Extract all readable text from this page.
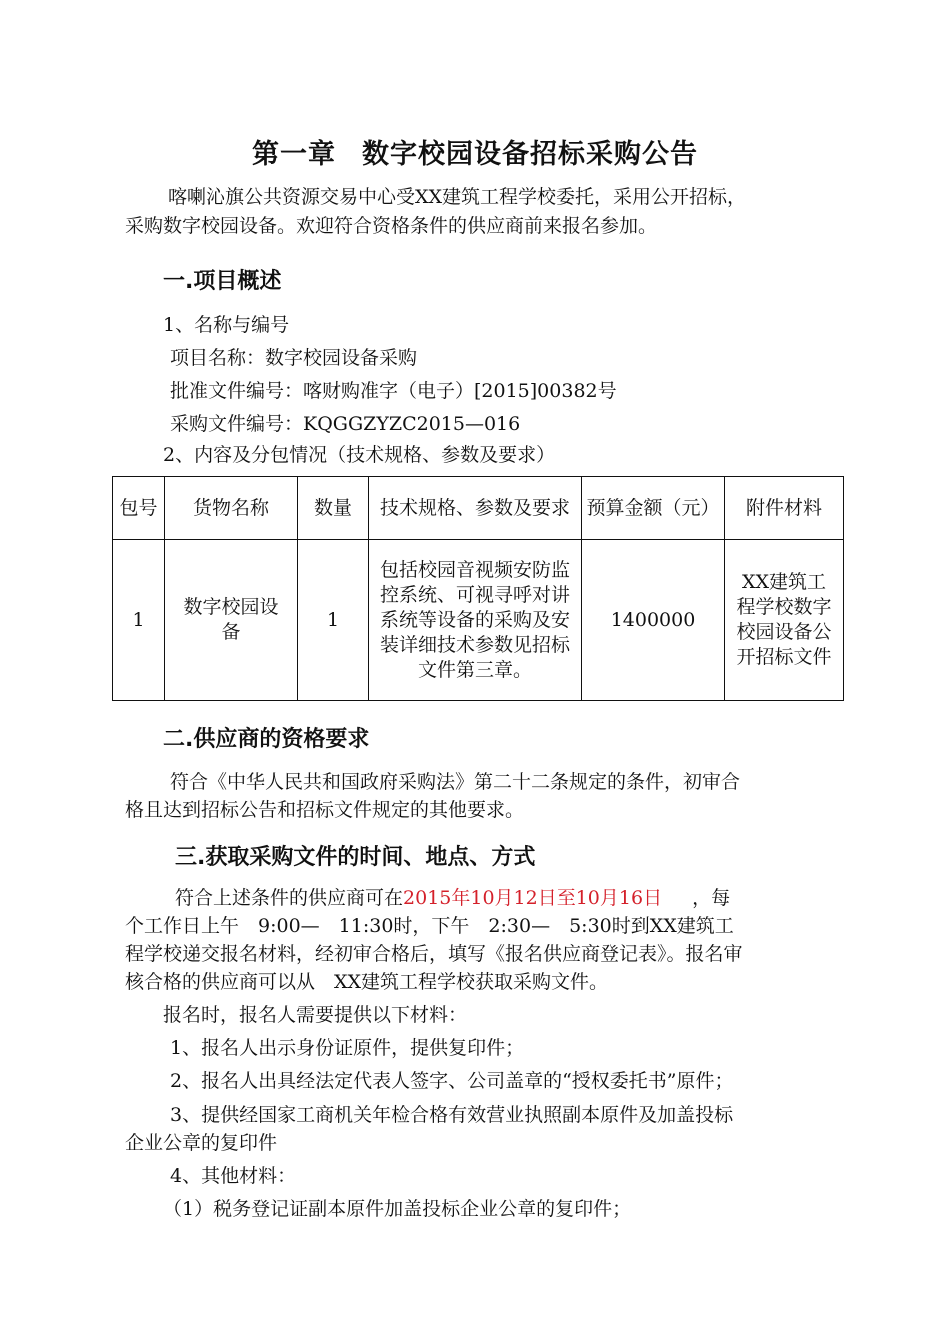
第一章 数字校园设备招标采购公告
喀喇沁旗公共资源交易中心受XX建筑工程学校委托，采用公开招标，
采购数字校园设备。欢迎符合资格条件的供应商前来报名参加。
一.项目概述
1、名称与编号
项目名称：数字校园设备采购
批准文件编号：喀财购准字（电子）[2015]00382号
采购文件编号：KQGGZYZC2015—016
2、内容及分包情况（技术规格、参数及要求）
包号	货物名称	数量	技术规格、参数及要求	预算金额（元）	附件材料
1	数字校园设备	1	包括校园音视频安防监控系统、可视寻呼对讲系统等设备的采购及安装详细技术参数见招标文件第三章。	1400000	XX建筑工程学校数字校园设备公开招标文件
二.供应商的资格要求
符合《中华人民共和国政府采购法》第二十二条规定的条件，初审合
格且达到招标公告和招标文件规定的其他要求。
三.获取采购文件的时间、地点、方式
符合上述条件的供应商可在2015年10月12日至10月16日 ，每
个工作日上午　9:00—　11:30时，下午　2:30—　5:30时到XX建筑工
程学校递交报名材料，经初审合格后，填写《报名供应商登记表》。报名审
核合格的供应商可以从　XX建筑工程学校获取采购文件。
报名时，报名人需要提供以下材料：
1、报名人出示身份证原件，提供复印件；
2、报名人出具经法定代表人签字、公司盖章的“授权委托书”原件；
3、提供经国家工商机关年检合格有效营业执照副本原件及加盖投标
企业公章的复印件
4、其他材料：
（1）税务登记证副本原件加盖投标企业公章的复印件；
